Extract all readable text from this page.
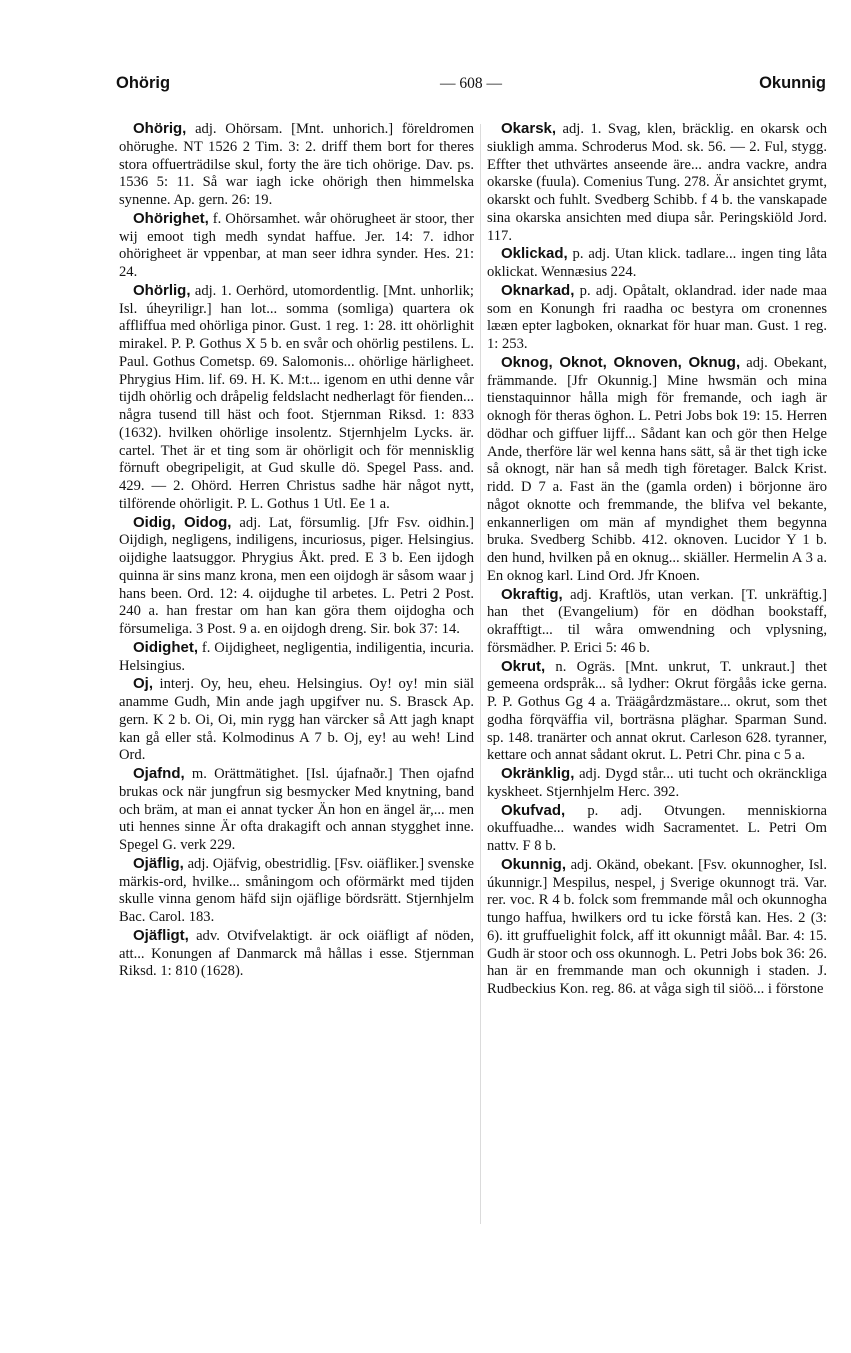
Ohörig	— 608 —	Okunnig

Ohörig, adj. Ohörsam. [Mnt. unhorich.] föreldromen ohörughe. NT 1526 2 Tim. 3: 2. driff them bort for theres stora offuerträdilse skul, forty the äre tich ohörige. Dav. ps. 1536 5: 11. Så war iagh icke ohörigh then himmelska synenne. Ap. gern. 26: 19.

Ohörighet, f. Ohörsamhet. wår ohörugheet är stoor, ther wij emoot tigh medh syndat haffue. Jer. 14: 7. idhor ohörigheet är vppenbar, at man seer idhra synder. Hes. 21: 24.

Ohörlig, adj. 1. Oerhörd, utomordentlig. [Mnt. unhorlik; Isl. úheyriligr.] han lot... somma (somliga) quartera ok affliffua med ohörliga pinor. Gust. 1 reg. 1: 28. itt ohörlighit mirakel. P. P. Gothus X 5 b. en svår och ohörlig pestilens. L. Paul. Gothus Cometsp. 69. Salomonis... ohörlige härligheet. Phrygius Him. lif. 69. H. K. M:t... igenom en uthi denne vår tijdh ohörlig och dråpelig feldslacht nedherlagt för fienden... några tusend till häst och foot. Stjernman Riksd. 1: 833 (1632). hvilken ohörlige insolentz. Stjernhjelm Lycks. är. cartel. Thet är et ting som är ohörligit och för mennisklig förnuft obegripeligit, at Gud skulle dö. Spegel Pass. and. 429. — 2. Ohörd. Herren Christus sadhe här något nytt, tilförende ohörligit. P. L. Gothus 1 Utl. Ee 1 a.

Oidig, Oidog, adj. Lat, försumlig. [Jfr Fsv. oidhin.] Oijdigh, negligens, indiligens, incuriosus, piger. Helsingius. oijdighe laatsuggor. Phrygius Åkt. pred. E 3 b. Een ijdogh quinna är sins manz krona, men een oijdogh är såsom waar j hans been. Ord. 12: 4. oijdughe til arbetes. L. Petri 2 Post. 240 a. han frestar om han kan göra them oijdogha och försumeliga. 3 Post. 9 a. en oijdogh dreng. Sir. bok 37: 14.

Oidighet, f. Oijdigheet, negligentia, indiligentia, incuria. Helsingius.

Oj, interj. Oy, heu, eheu. Helsingius. Oy! oy! min siäl anamme Gudh, Min ande jagh upgifver nu. S. Brasck Ap. gern. K 2 b. Oi, Oi, min rygg han värcker så Att jagh knapt kan gå eller stå. Kolmodinus A 7 b. Oj, ey! au weh! Lind Ord.

Ojafnd, m. Orättmätighet. [Isl. újafnaðr.] Then ojafnd brukas ock när jungfrun sig besmycker Med knytning, band och bräm, at man ei annat tycker Än hon en ängel är,... men uti hennes sinne Är ofta drakagift och annan stygghet inne. Spegel G. verk 229.

Ojäflig, adj. Ojäfvig, obestridlig. [Fsv. oiäfliker.] svenske märkis-ord, hvilke... småningom och oförmärkt med tijden skulle vinna genom häfd sijn ojäflige bördsrätt. Stjernhjelm Bac. Carol. 183.

Ojäfligt, adv. Otvifvelaktigt. är ock oiäfligt af nöden, att... Konungen af Danmarck må hållas i esse. Stjernman Riksd. 1: 810 (1628).

Okarsk, adj. 1. Svag, klen, bräcklig. en okarsk och siukligh amma. Schroderus Mod. sk. 56. — 2. Ful, stygg. Effter thet uthvärtes anseende äre... andra vackre, andra okarske (fuula). Comenius Tung. 278. Är ansichtet grymt, okarskt och fuhlt. Svedberg Schibb. f 4 b. the vanskapade sina okarska ansichten med diupa sår. Peringskiöld Jord. 117.

Oklickad, p. adj. Utan klick. tadlare... ingen ting låta oklickat. Wennæsius 224.

Oknarkad, p. adj. Opåtalt, oklandrad. ider nade maa som en Konungh fri raadha oc bestyra om cronennes lææn epter lagboken, oknarkat för huar man. Gust. 1 reg. 1: 253.

Oknog, Oknot, Oknoven, Oknug, adj. Obekant, främmande. [Jfr Okunnig.] Mine hwsmän och mina tienstaquinnor hålla migh för fremande, och iagh är oknogh för theras öghon. L. Petri Jobs bok 19: 15. Herren dödhar och giffuer lijff... Sådant kan och gör then Helge Ande, therföre lär wel kenna hans sätt, så är thet tigh icke så oknogt, när han så medh tigh företager. Balck Krist. ridd. D 7 a. Fast än the (gamla orden) i börjonne äro något oknotte och fremmande, the blifva vel bekante, enkannerligen om män af myndighet them begynna bruka. Svedberg Schibb. 412. oknoven. Lucidor Y 1 b. den hund, hvilken på en oknug... skiäller. Hermelin A 3 a. En oknog karl. Lind Ord. Jfr Knoen.

Okraftig, adj. Kraftlös, utan verkan. [T. unkräftig.] han thet (Evangelium) för en dödhan bookstaff, okrafftigt... til wåra omwendning och vplysning, försmädher. P. Erici 5: 46 b.

Okrut, n. Ogräs. [Mnt. unkrut, T. unkraut.] thet gemeena ordspråk... så lydher: Okrut förgåås icke gerna. P. P. Gothus Gg 4 a. Träägårdzmästare... okrut, som thet godha förqväffia vil, borträsna pläghar. Sparman Sund. sp. 148. tranärter och annat okrut. Carleson 628. tyranner, kettare och annat sådant okrut. L. Petri Chr. pina c 5 a.

Okränklig, adj. Dygd står... uti tucht och okränckliga kyskheet. Stjernhjelm Herc. 392.

Okufvad, p. adj. Otvungen. menniskiorna okuffuadhe... wandes widh Sacramentet. L. Petri Om nattv. F 8 b.

Okunnig, adj. Okänd, obekant. [Fsv. okunnogher, Isl. úkunnigr.] Mespilus, nespel, j Sverige okunnogt trä. Var. rer. voc. R 4 b. folck som fremmande mål och okunnogha tungo haffua, hwilkers ord tu icke förstå kan. Hes. 2 (3: 6). itt gruffuelighit folck, aff itt okunnigt måål. Bar. 4: 15. Gudh är stoor och oss okunnogh. L. Petri Jobs bok 36: 26. han är en fremmande man och okunnigh i staden. J. Rudbeckius Kon. reg. 86. at våga sigh til siöö... i förstone
